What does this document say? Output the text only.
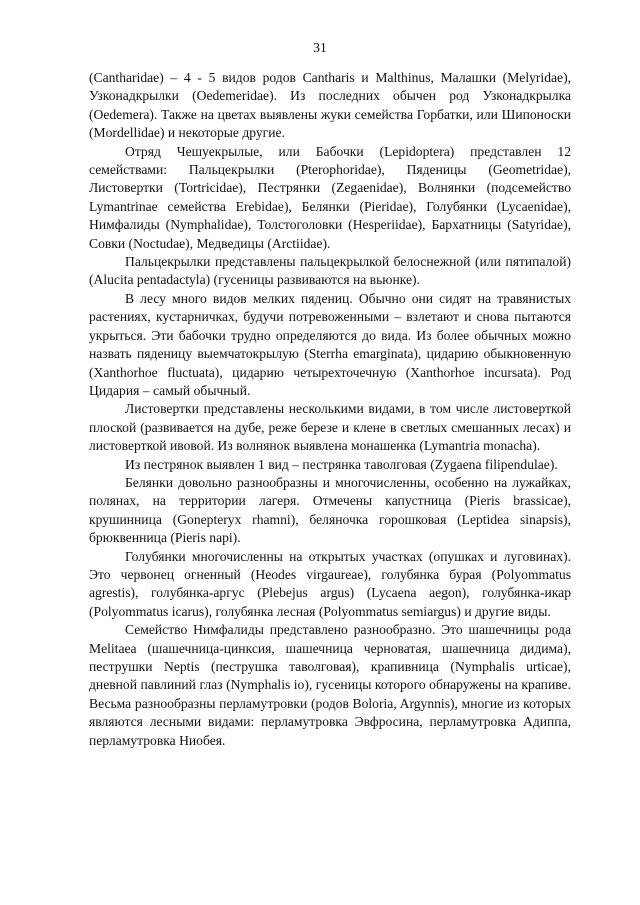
31

(Cantharidae) – 4 - 5 видов родов Cantharis и Malthinus, Малашки (Melyridae), Узконадкрылки (Oedemeridae). Из последних обычен род Узконадкрылка (Oedemera). Также на цветах выявлены жуки семейства Горбатки, или Шипоноски (Mordellidae) и некоторые другие.

Отряд Чешуекрылые, или Бабочки (Lepidoptera) представлен 12 семействами: Пальцекрылки (Pterophoridae), Пяденицы (Geometridae), Листовертки (Tortricidae), Пестрянки (Zegaenidae), Волнянки (подсемейство Lymantrinae семейства Erebidae), Белянки (Pieridae), Голубянки (Lycaenidae), Нимфалиды (Nymphalidae), Толстоголовки (Hesperiidae), Бархатницы (Satyridae), Совки (Noctudae), Медведицы (Arctiidae).

Пальцекрылки представлены пальцекрылкой белоснежной (или пятипалой) (Alucita pentadactyla) (гусеницы развиваются на вьюнке).

В лесу много видов мелких пядениц. Обычно они сидят на травянистых растениях, кустарничках, будучи потревоженными – взлетают и снова пытаются укрыться. Эти бабочки трудно определяются до вида. Из более обычных можно назвать пяденицу выемчатокрылую (Sterrha emarginata), цидарию обыкновенную (Xanthorhoe fluctuata), цидарию четырехточечную (Xanthorhoe incursata). Род Цидария – самый обычный.

Листовертки представлены несколькими видами, в том числе листоверткой плоской (развивается на дубе, реже березе и клене в светлых смешанных лесах) и листоверткой ивовой. Из волнянок выявлена монашенка (Lymantria monacha).

Из пестрянок выявлен 1 вид – пестрянка таволговая (Zygaena filipendulae).

Белянки довольно разнообразны и многочисленны, особенно на лужайках, полянах, на территории лагеря. Отмечены капустница (Pieris brassicae), крушинница (Gonepteryx rhamni), беляночка горошковая (Leptidea sinapsis), брюквенница (Pieris napi).

Голубянки многочисленны на открытых участках (опушках и луговинах). Это червонец огненный (Heodes virgaureae), голубянка бурая (Polyommatus agrestis), голубянка-аргус (Plebejus argus) (Lycaena aegon), голубянка-икар (Polyommatus icarus), голубянка лесная (Polyommatus semiargus) и другие виды.

Семейство Нимфалиды представлено разнообразно. Это шашечницы рода Melitaea (шашечница-цинксия, шашечница черноватая, шашечница дидима), пеструшки Neptis (пеструшка таволговая), крапивница (Nymphalis urticae), дневной павлиний глаз (Nymphalis io), гусеницы которого обнаружены на крапиве. Весьма разнообразны перламутровки (родов Boloria, Argynnis), многие из которых являются лесными видами: перламутровка Эвфросина, перламутровка Адиппа, перламутровка Ниобея.
